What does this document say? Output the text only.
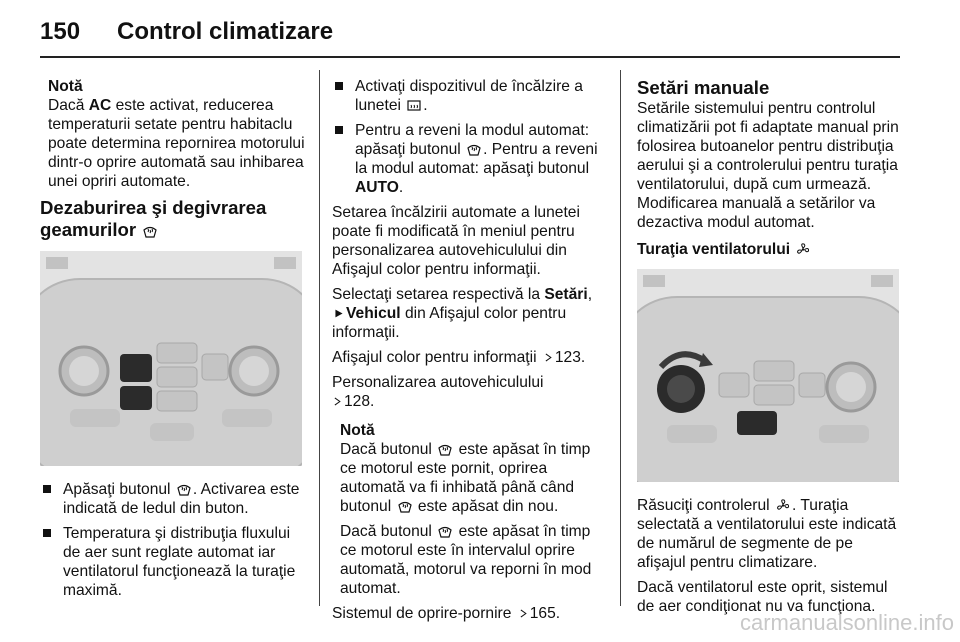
150 Control climatizare
Notă

Dacă AC este activat, reducerea temperaturii setate pentru habitaclu poate determina repornirea motorului dintr-o oprire automată sau inhibarea unei opriri automate.

Dezaburirea şi degivrarea geamurilor
Apăsaţi butonul . Activarea este indicată de ledul din buton.
Temperatura şi distribuţia fluxului de aer sunt reglate automat iar ventilatorul funcţionează la turaţie maximă.
Activaţi dispozitivul de încălzire a lunetei .
Pentru a reveni la modul automat: apăsaţi butonul . Pentru a reveni la modul automat: apăsaţi butonul AUTO.

Setarea încălzirii automate a lunetei poate fi modificată în meniul pentru personalizarea autovehiculului din Afişajul color pentru informaţii.

Selectaţi setarea respectivă la Setări, Vehicul din Afişajul color pentru informaţii.

Afişajul color pentru informaţii 123.

Personalizarea autovehiculului
128.

Notă

Dacă butonul  este apăsat în timp ce motorul este pornit, oprirea automată va fi inhibată până când butonul  este apăsat din nou.

Dacă butonul  este apăsat în timp ce motorul este în intervalul oprire automată, motorul va reporni în mod automat.

Sistemul de oprire-pornire 165.

Setări manuale

Setările sistemului pentru controlul climatizării pot fi adaptate manual prin folosirea butoanelor pentru distribuţia aerului şi a controlerului pentru turaţia ventilatorului, după cum urmează. Modificarea manuală a setărilor va dezactiva modul automat.

Turaţia ventilatorului

Răsuciţi controlerul . Turaţia selectată a ventilatorului este indicată de numărul de segmente de pe afişajul pentru climatizare.

Dacă ventilatorul este oprit, sistemul de aer condiţionat nu va funcţiona.

carmanualsonline.info
